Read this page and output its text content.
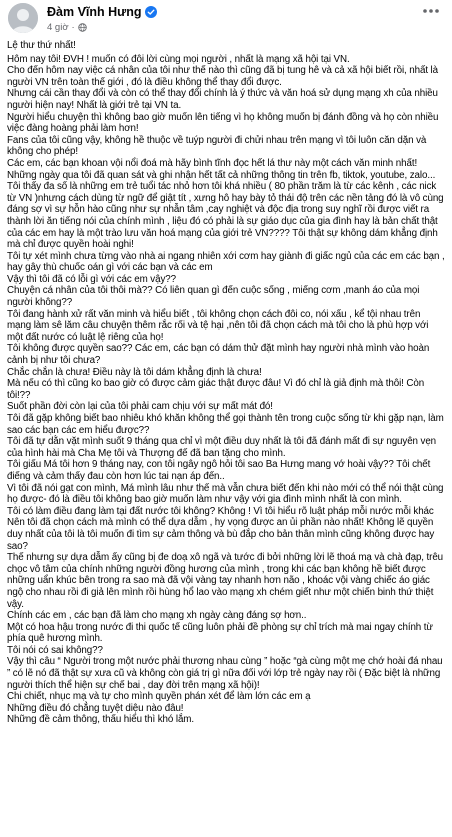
Đàm Vĩnh Hưng
4 giờ ·

Lệ thư thứ nhất!

Hôm nay tôi! ĐVH ! muốn có đôi lời cùng mọi người , nhất là mạng xã hội tại VN.

Cho đến hôm nay việc cá nhân của tôi như thế nào thì cũng đã bị tung hê và cả xã hội biết rồi, nhất là người VN trên toàn thế giới , đó là điều không thể thay đổi được.

Nhưng cái cần thay đổi và còn có thể thay đổi chính là ý thức và văn hoá sử dụng mạng xh của nhiều người hiện nay! Nhất là giới trẻ tại VN ta.

Người hiểu chuyện thì không bao giờ muốn lên tiếng vì họ không muốn bị đánh đồng và họ còn nhiều việc đàng hoàng phải làm hơn!

Fans của tôi cũng vậy, không hề thuộc về tuýp người đi chửi nhau trên mạng vì tôi luôn căn dặn và không cho phép!

Các em, các bạn khoan vội nổi đoá mà hãy bình tĩnh đọc hết lá thư này một cách văn minh nhất!

Những ngày qua tôi đã quan sát và ghi nhận hết tất cả những thông tin trên fb, tiktok, youtube, zalo...

Tôi thấy đa số là những em trẻ tuổi tác nhỏ hơn tôi khá nhiều ( 80 phần trăm là từ các kênh , các nick từ VN )nhưng cách dùng từ ngữ để giật tít , xưng hô hay bày tỏ thái độ trên các nền tảng đó là vô cùng đáng sợ vì sự hỗn hào cũng như sự nhẫn tâm ,cay nghiệt và độc địa trong suy nghĩ rồi được viết ra thành lời ăn tiếng nói của chính mình , liệu đó có phải là sự giáo dục của gia đình hay là bản chất thật của các em hay là một trào lưu văn hoá mạng của giới trẻ VN???? Tôi thật sự không dám khẳng định mà chỉ được quyền hoài nghi!

Tôi tự xét mình chưa từng vào nhà ai ngang nhiên xới cơm hay giành đi giấc ngủ của các em các bạn , hay gây thù chuốc oán gì với các bạn và các em

Vậy thì tôi đã có lỗi gì với các em vậy??

Chuyện cá nhân của tôi thôi mà?? Có liên quan gì đến cuộc sống , miếng cơm ,manh áo của mọi người không??

Tôi đang hành xử rất văn minh và hiểu biết , tôi không chọn cách đôi co, nói xấu , kể tội nhau trên mạng làm sê lăm câu chuyện thêm rắc rối và tệ hại ,nên tôi đã chọn cách mà tôi cho là phù hợp với một đất nước có luật lệ riêng của họ!

Tôi không được quyền sao?? Các em, các bạn có dám thử đặt mình hay người nhà mình vào hoàn cảnh bị như tôi chưa?

Chắc chắn là chưa! Điều này là tôi dám khẳng định là chưa!

Mà nếu có thì cũng ko bao giờ có được cảm giác thật được đâu! Vì đó chỉ là giả định mà thôi! Còn tôi!??

Suốt phần đời còn lại của tôi phải cam chịu với sự mất mát đó!

Tôi đã gặp không biết bao nhiêu khó khăn không thể gọi thành tên trong cuộc sống từ khi gặp nạn, làm sao các bạn các em hiểu được??

Tôi đã tự dằn vặt mình suốt 9 tháng qua chỉ vì một điều duy nhất là tôi đã đánh mất đi sự nguyên vẹn của hình hài mà Cha Mẹ tôi và Thượng đế đã ban tặng cho mình.

Tôi giấu Má tôi hơn 9 tháng nay, con tôi ngây ngô hỏi tôi sao Ba Hưng mang vớ hoài vậy?? Tôi chết điếng và cảm thấy đau còn hơn lúc tai nạn áp đến..

Vì tôi đã nói gạt con mình, Má mình lâu như thế mà vẫn chưa biết đến khi nào mới có thể nói thật cùng họ được- đó là điều tôi không bao giờ muốn làm như vậy với gia đình mình nhất là con mình.

Tôi có làm điều đang làm tại đất nước tôi không? Không ! Vì tôi hiểu rõ luật pháp mỗi nước mỗi khác

Nên tôi đã chọn cách mà mình có thể dựa dẫm , hy vọng được an ủi phần nào nhất! Không lẽ quyền duy nhất của tôi là tôi muốn đi tìm sự cảm thông và bù đắp cho bản thân mình cũng không được hay sao?

Thế nhưng sự dựa dẫm ấy cũng bị đe doạ xô ngã và tước đi bởi những lời lẽ thoá mạ và chà đạp, trêu chọc vô tâm của chính những người đồng hương của mình , trong khi các bạn không hề biết được những uẩn khúc bên trong ra sao mà đã vội vàng tay nhanh hơn não , khoác vội vàng chiếc áo giác ngộ cho nhau rồi đi giả lên mình rồi hùng hổ lao vào mạng xh chém giết như một chiến binh thứ thiệt vậy.

Chính các em , các bạn đã làm cho mạng xh ngày càng đáng sợ hơn..

Một có hoa hậu trong nước đi thi quốc tế cũng luôn phải đề phòng sự chỉ trích mà mai ngay chính từ phía quê hương mình.

Tôi nói có sai không??

Vậy thì câu “ Người trong một nước phải thương nhau cùng ” hoặc “gà cùng một mẹ chớ hoài đá nhau ” có lẽ nó đã thật sự xưa cũ và không còn giá trị gì nữa đối với lớp trẻ ngày nay rồi ( Đặc biệt là những người thích thể hiện sự chế bai , day đời trên mạng xã hội)!

Chi chiết, nhục mạ và tự cho mình quyền phán xét để làm lớn các em ạ

Những điều đó chẳng tuyệt diệu nào đâu!

Những đề cảm thông, thấu hiểu thì khó lắm.
